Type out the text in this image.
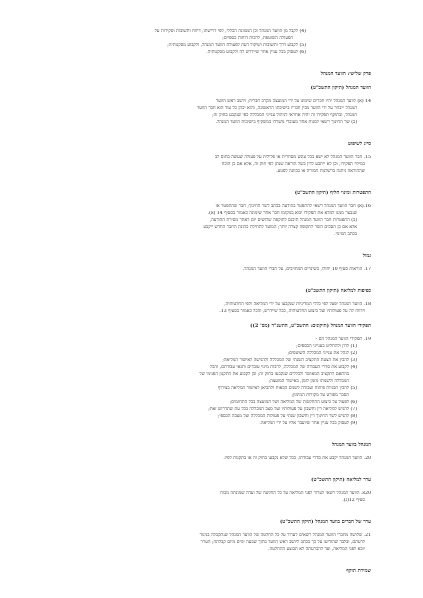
(4) לקבל מן הוועד המנהל וכן הממונה הכללי, לפי דרישתו, דיווח ותשובות וסקירות על
הפעולה השוטפת, לרבות דוחות כספיים;
(5) לקבוע דרך ותשובות ושיקול דעת לפעולת הוועד המנהל, ולקבוע מסקנותיה;
(6) לעסוק בכל עניין אחר שיידרש לה ולקבוע מסקנותיה.
פרק שלישי: הוועד המנהל
הוועד המנהל (תיקון התשכ"ט)
14 (א) לוועד המנהל יהיו חברים שימונו על ידי המועצה מקרב חבריה; ויושב ראש הוועד
המנהל ייבחר על ידי הוועד מבין חבריו בישיבתו הראשונה, והוא יכהן כל עוד הוא חבר הוועד
המנהל, ובתוקף תפקידו זה יהיה אחראי לניהול ענייני המכללה כפי שנקבע בחוק זה;
(ב) שר החינוך רשאי למנות אחד מעובדי משרדו כמשקיף בישיבות הוועד המנהל.
סייג לשיפוט
15. חבר הוועד המנהל לא ישא בכל עונש מסחרית או פלילית על פעולה שעשה בתום לב
במילוי תפקידו, וכן לא ייתבע לדין בשל הוראה שנתן לפי חוק זה, אלא אם כן הוכח
שההוראה ניתנה ברשלנות חמורה או בכוונה לפגוע.
התפטרות ומינוי חליף (תיקון התשכ"ט)
16.(א) חבר הוועד המנהל רשאי להתפטר בהודעה בכתב לשר החינוך; חבר שהתפטר או
שנבצר ממנו למלא את תפקידו יבוא במקומו חבר אחר שימונה כאמור בסעיף 14 (א).
(ב) התפטרות חבר הוועד המנהל תיכנס לתוקפה שלושים יום לאחר מסירת ההודעה,
אלא אם כן הסכים השר לתקופה קצרה יותר; המועד לתחילת כהונת החבר החדש ייקבע
בכתב המינוי.
גמול
17. הוראות סעיף 10 יחולו, בשינויים המחויבים, על חברי הוועד המנהל.
כפיפות למליאה (תיקון התשכ"ט)
18. הוועד המנהל יפעל לפי כללי המדיניות שנקבעו על ידי המליאה ולפי החלטותיה,
וידווח לה על פעולותיו ועל ביצוע החלטותיה, ככל שיידרש, והכל כאמור בסעיף 13.
תפקידי הוועד המנהל (תיקונים: התשכ"ט, התשנ"ד (מס' 2))
19. תפקידי הוועד המנהל הם -
(1) לדון ולהחליט בענייני הכספים;
(2) לנהל את ענייני המכללה השוטפים;
(3) להכין את הצעת התקציב השנתי של המכללה ולהגישה לאישור המליאה;
(4) לקבוע את סדרי העבודה של המכללה, לרבות מינוי עובדים ותנאי עבודתם, והכל
בהתאם לתקציב המאושר ולכללים שנקבעו בחוק זה; וכן לקבוע את התקנון הפנימי של
המכללה ולשנותו מזמן לזמן, באישור המועצה;
(5) להכין תכניות פיתוח ועבודה לשנים הבאות ולהביאן לאישור המליאה בצירוף
הסבר מפורט על מקורות המימון;
(6) לפעול על ביצוע ההחלטות של המליאה ושל המועצה בכל התחומים;
(7) להגיש למליאה דין וחשבון על פעולותיו ועל מצב המכללה בכל עת שתדרוש זאת;
(8) להגיש לשר החינוך דין וחשבון שנתי על פעולות המכללה ועל מצבה הכספי;
(9) לעסוק בכל עניין אחר שיועבר אליו על ידי המליאה.
המנהל בוועד המנהל
20. הוועד המנהל יקבע את סדרי עבודתו, ככל שלא נקבעו בחוק זה או בתקנות לפיו.
ערר למליאה (תיקון התשכ"ט)
20א. הוועד המנהל רשאי לערור לפני המליאה על כל החלטה של ועדה שמונתה מכוח
סעיף 12(ג).
ערר של חברים בוועד המנהל (תיקון התשכ"ט)
21. שלושה מחברי הוועד המנהל רשאים לערור על כל החלטה של הוועד המנהל שנתקבלה בניגוד
לדעתם, ובלבד שהודיעו על כך בכתב ליושב ראש הוועד בתוך שבעה ימים מיום קבלתה; הערר
יובא לפני המליאה, ועד להכרעתה לא תבוצע ההחלטה.
שמירת תוקף
